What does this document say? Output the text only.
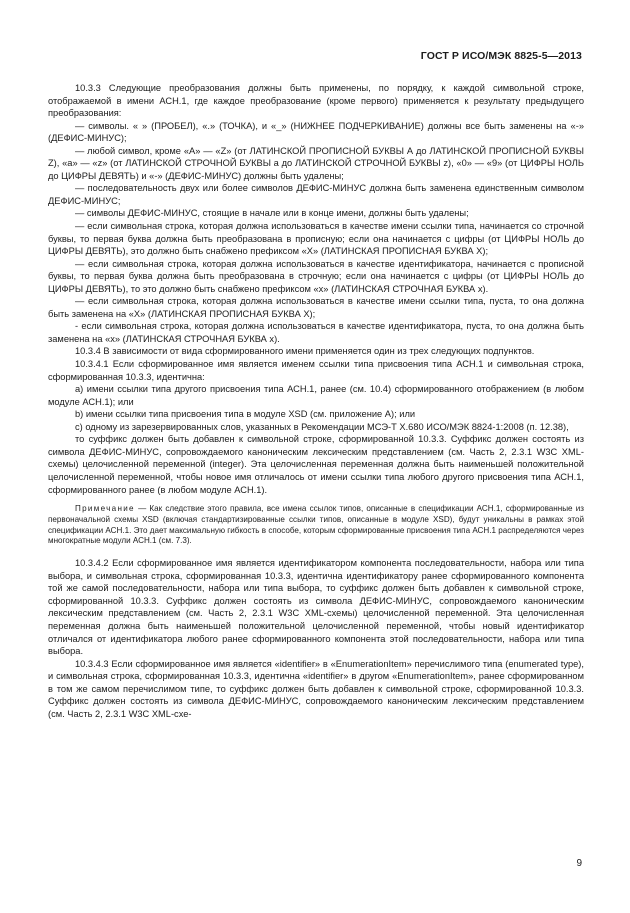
ГОСТ Р ИСО/МЭК 8825-5—2013

10.3.3 Следующие преобразования должны быть применены, по порядку, к каждой символьной строке, отображаемой в имени АСН.1, где каждое преобразование (кроме первого) применяется к результату предыдущего преобразования:

— символы. « » (ПРОБЕЛ), «.» (ТОЧКА), и «_» (НИЖНЕЕ ПОДЧЕРКИВАНИЕ) должны все быть заменены на «-» (ДЕФИС-МИНУС);

— любой символ, кроме «А» — «Z» (от ЛАТИНСКОЙ ПРОПИСНОЙ БУКВЫ А до ЛАТИНСКОЙ ПРОПИСНОЙ БУКВЫ Z), «а» — «z» (от ЛАТИНСКОЙ СТРОЧНОЙ БУКВЫ а до ЛАТИНСКОЙ СТРОЧНОЙ БУКВЫ z), «0» — «9» (от ЦИФРЫ НОЛЬ до ЦИФРЫ ДЕВЯТЬ) и «-» (ДЕФИС-МИНУС) должны быть удалены;

— последовательность двух или более символов ДЕФИС-МИНУС должна быть заменена единственным символом ДЕФИС-МИНУС;

— символы ДЕФИС-МИНУС, стоящие в начале или в конце имени, должны быть удалены;

— если символьная строка, которая должна использоваться в качестве имени ссылки типа, начинается со строчной буквы, то первая буква должна быть преобразована в прописную; если она начинается с цифры (от ЦИФРЫ НОЛЬ до ЦИФРЫ ДЕВЯТЬ), это должно быть снабжено префиксом «X» (ЛАТИНСКАЯ ПРОПИСНАЯ БУКВА X);

— если символьная строка, которая должна использоваться в качестве идентификатора, начинается с прописной буквы, то первая буква должна быть преобразована в строчную; если она начинается с цифры (от ЦИФРЫ НОЛЬ до ЦИФРЫ ДЕВЯТЬ), то это должно быть снабжено префиксом «x» (ЛАТИНСКАЯ СТРОЧНАЯ БУКВА x).

— если символьная строка, которая должна использоваться в качестве имени ссылки типа, пуста, то она должна быть заменена на «X» (ЛАТИНСКАЯ ПРОПИСНАЯ БУКВА X);

- если символьная строка, которая должна использоваться в качестве идентификатора, пуста, то она должна быть заменена на «x» (ЛАТИНСКАЯ СТРОЧНАЯ БУКВА x).

10.3.4 В зависимости от вида сформированного имени применяется один из трех следующих подпунктов.

10.3.4.1 Если сформированное имя является именем ссылки типа присвоения типа АСН.1 и символьная строка, сформированная 10.3.3, идентична:

а) имени ссылки типа другого присвоения типа АСН.1, ранее (см. 10.4) сформированного отображением (в любом модуле АСН.1); или

b) имени ссылки типа присвоения типа в модуле XSD (см. приложение А); или

с) одному из зарезервированных слов, указанных в Рекомендации МСЭ-Т Х.680 ИСО/МЭК 8824-1:2008 (п. 12.38),

то суффикс должен быть добавлен к символьной строке, сформированной 10.3.3. Суффикс должен состоять из символа ДЕФИС-МИНУС, сопровождаемого каноническим лексическим представлением (см. Часть 2, 2.3.1 W3C XML-схемы) целочисленной переменной (integer). Эта целочисленная переменная должна быть наименьшей положительной целочисленной переменной, чтобы новое имя отличалось от имени ссылки типа любого другого присвоения типа АСН.1, сформированного ранее (в любом модуле АСН.1).

Примечание — Как следствие этого правила, все имена ссылок типов, описанные в спецификации АСН.1, сформированные из первоначальной схемы XSD (включая стандартизированные ссылки типов, описанные в модуле XSD), будут уникальны в рамках этой спецификации АСН.1. Это дает максимальную гибкость в способе, которым сформированные присвоения типа АСН.1 распределяются через многократные модули АСН.1 (см. 7.3).

10.3.4.2 Если сформированное имя является идентификатором компонента последовательности, набора или типа выбора, и символьная строка, сформированная 10.3.3, идентична идентификатору ранее сформированного компонента той же самой последовательности, набора или типа выбора, то суффикс должен быть добавлен к символьной строке, сформированной 10.3.3. Суффикс должен состоять из символа ДЕФИС-МИНУС, сопровождаемого каноническим лексическим представлением (см. Часть 2, 2.3.1 W3C XML-схемы) целочисленной переменной. Эта целочисленная переменная должна быть наименьшей положительной целочисленной переменной, чтобы новый идентификатор отличался от идентификатора любого ранее сформированного компонента этой последовательности, набора или типа выбора.

10.3.4.3 Если сформированное имя является «identifier» в «EnumerationItem» перечислимого типа (enumerated type), и символьная строка, сформированная 10.3.3, идентична «identifier» в другом «EnumerationItem», ранее сформированном в том же самом перечислимом типе, то суффикс должен быть добавлен к символьной строке, сформированной 10.3.3. Суффикс должен состоять из символа ДЕФИС-МИНУС, сопровождаемого каноническим лексическим представлением (см. Часть 2, 2.3.1 W3C XML-схе-

9
